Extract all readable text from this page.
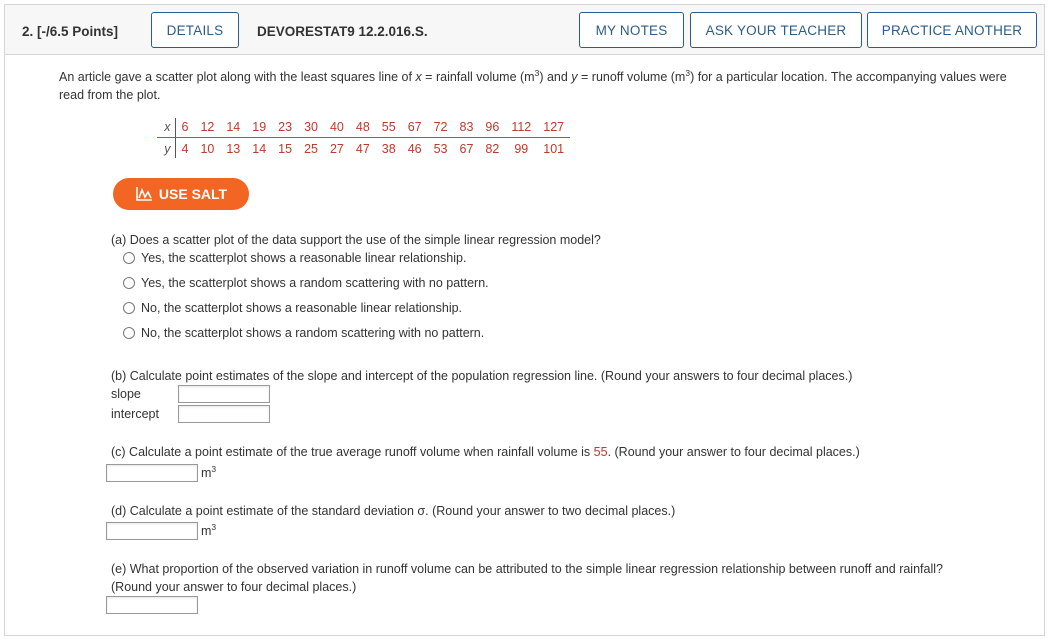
2. [-/6.5 Points]	DETAILS	DEVORESTAT9 12.2.016.S.	MY NOTES	ASK YOUR TEACHER	PRACTICE ANOTHER
An article gave a scatter plot along with the least squares line of x = rainfall volume $(m^3)$ and y = runoff volume $(m^3)$ for a particular location. The accompanying values were read from the plot.
x	6	12	14	19	23	30	40	48	55	67	72	83	96	112	127
y	4	10	13	14	15	25	27	47	38	46	53	67	82	99	101
USE SALT
(a) Does a scatter plot of the data support the use of the simple linear regression model?
Yes, the scatterplot shows a reasonable linear relationship.
Yes, the scatterplot shows a random scattering with no pattern.
No, the scatterplot shows a reasonable linear relationship.
No, the scatterplot shows a random scattering with no pattern.
(b) Calculate point estimates of the slope and intercept of the population regression line. (Round your answers to four decimal places.)
slope
intercept
(c) Calculate a point estimate of the true average runoff volume when rainfall volume is 55. (Round your answer to four decimal places.)
$m^3$
(d) Calculate a point estimate of the standard deviation σ. (Round your answer to two decimal places.)
$m^3$
(e) What proportion of the observed variation in runoff volume can be attributed to the simple linear regression relationship between runoff and rainfall?
(Round your answer to four decimal places.)
